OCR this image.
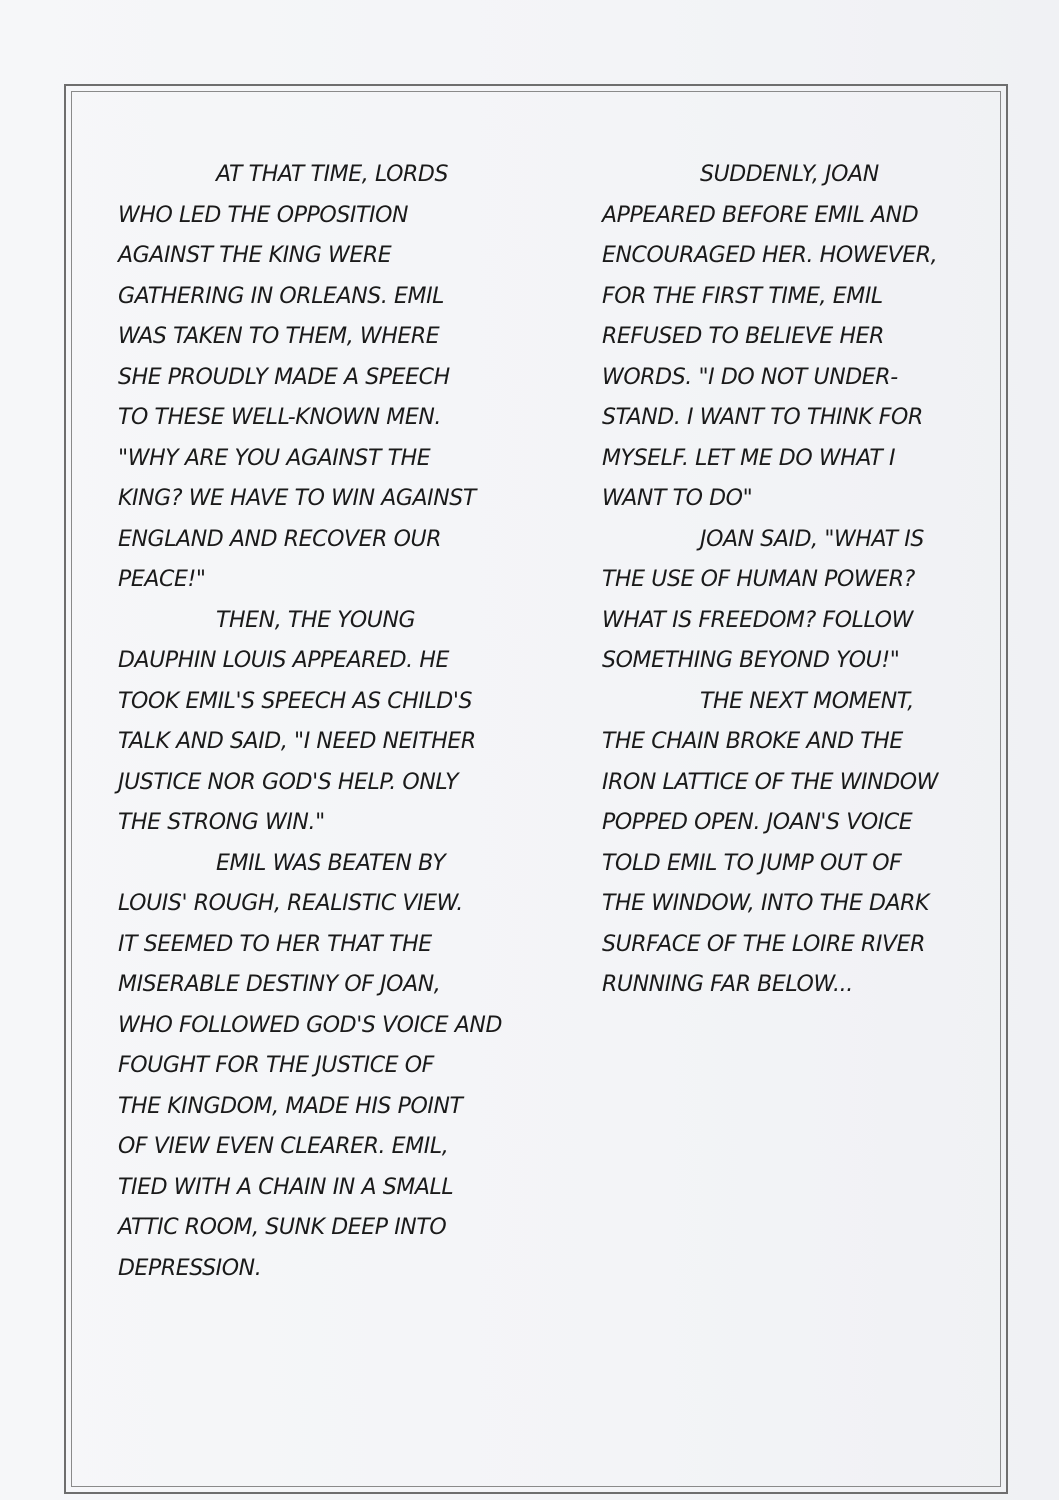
AT THAT TIME, LORDS
WHO LED THE OPPOSITION
AGAINST THE KING WERE
GATHERING IN ORLEANS. EMIL
WAS TAKEN TO THEM, WHERE
SHE PROUDLY MADE A SPEECH
TO THESE WELL-KNOWN MEN.
"WHY ARE YOU AGAINST THE
KING? WE HAVE TO WIN AGAINST
ENGLAND AND RECOVER OUR
PEACE!"
THEN, THE YOUNG
DAUPHIN LOUIS APPEARED. HE
TOOK EMIL'S SPEECH AS CHILD'S
TALK AND SAID, "I NEED NEITHER
JUSTICE NOR GOD'S HELP. ONLY
THE STRONG WIN."
EMIL WAS BEATEN BY
LOUIS' ROUGH, REALISTIC VIEW.
IT SEEMED TO HER THAT THE
MISERABLE DESTINY OF JOAN,
WHO FOLLOWED GOD'S VOICE AND
FOUGHT FOR THE JUSTICE OF
THE KINGDOM, MADE HIS POINT
OF VIEW EVEN CLEARER. EMIL,
TIED WITH A CHAIN IN A SMALL
ATTIC ROOM, SUNK DEEP INTO
DEPRESSION.
SUDDENLY, JOAN
APPEARED BEFORE EMIL AND
ENCOURAGED HER. HOWEVER,
FOR THE FIRST TIME, EMIL
REFUSED TO BELIEVE HER
WORDS. "I DO NOT UNDER-
STAND. I WANT TO THINK FOR
MYSELF. LET ME DO WHAT I
WANT TO DO"
JOAN SAID, "WHAT IS
THE USE OF HUMAN POWER?
WHAT IS FREEDOM? FOLLOW
SOMETHING BEYOND YOU!"
THE NEXT MOMENT,
THE CHAIN BROKE AND THE
IRON LATTICE OF THE WINDOW
POPPED OPEN. JOAN'S VOICE
TOLD EMIL TO JUMP OUT OF
THE WINDOW, INTO THE DARK
SURFACE OF THE LOIRE RIVER
RUNNING FAR BELOW...
